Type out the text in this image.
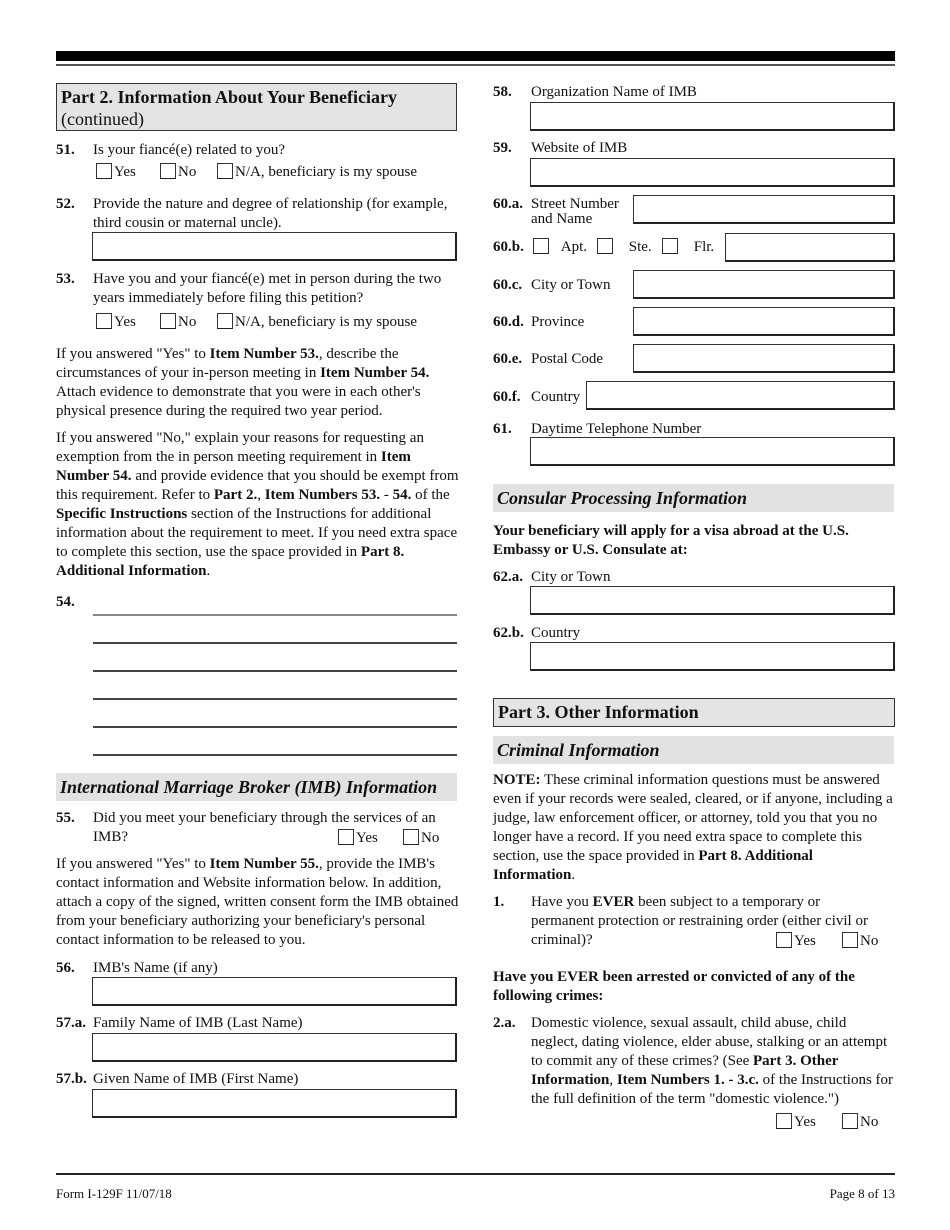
Part 2. Information About Your Beneficiary
(continued)
51. Is your fiancé(e) related to you?
Yes	No	N/A, beneficiary is my spouse
52. Provide the nature and degree of relationship (for example,
third cousin or maternal uncle).
53. Have you and your fiancé(e) met in person during the two
years immediately before filing this petition?
Yes	No	N/A, beneficiary is my spouse
If you answered "Yes" to Item Number 53., describe the circumstances of your in-person meeting in Item Number 54. Attach evidence to demonstrate that you were in each other's physical presence during the required two year period.
If you answered "No," explain your reasons for requesting an exemption from the in person meeting requirement in Item Number 54. and provide evidence that you should be exempt from this requirement. Refer to Part 2., Item Numbers 53. - 54. of the Specific Instructions section of the Instructions for additional information about the requirement to meet. If you need extra space to complete this section, use the space provided in Part 8. Additional Information.
54.
International Marriage Broker (IMB) Information
55. Did you meet your beneficiary through the services of an
IMB?	Yes	No
If you answered "Yes" to Item Number 55., provide the IMB's contact information and Website information below. In addition, attach a copy of the signed, written consent form the IMB obtained from your beneficiary authorizing your beneficiary's personal contact information to be released to you.
56. IMB's Name (if any)
57.a. Family Name of IMB (Last Name)
57.b. Given Name of IMB (First Name)
58. Organization Name of IMB
59. Website of IMB
60.a. Street Number
and Name
60.b.	Apt.	Ste.	Flr.
60.c. City or Town
60.d. Province
60.e. Postal Code
60.f. Country
61. Daytime Telephone Number
Consular Processing Information
Your beneficiary will apply for a visa abroad at the U.S.
Embassy or U.S. Consulate at:
62.a. City or Town
62.b. Country
Part 3. Other Information
Criminal Information
NOTE: These criminal information questions must be answered even if your records were sealed, cleared, or if anyone, including a judge, law enforcement officer, or attorney, told you that you no longer have a record. If you need extra space to complete this section, use the space provided in Part 8. Additional Information.
1. Have you EVER been subject to a temporary or permanent protection or restraining order (either civil or criminal)?	Yes	No
Have you EVER been arrested or convicted of any of the following crimes:
2.a. Domestic violence, sexual assault, child abuse, child neglect, dating violence, elder abuse, stalking or an attempt to commit any of these crimes? (See Part 3. Other Information, Item Numbers 1. - 3.c. of the Instructions for the full definition of the term "domestic violence.")
Yes	No
Form I-129F 11/07/18	Page 8 of 13
